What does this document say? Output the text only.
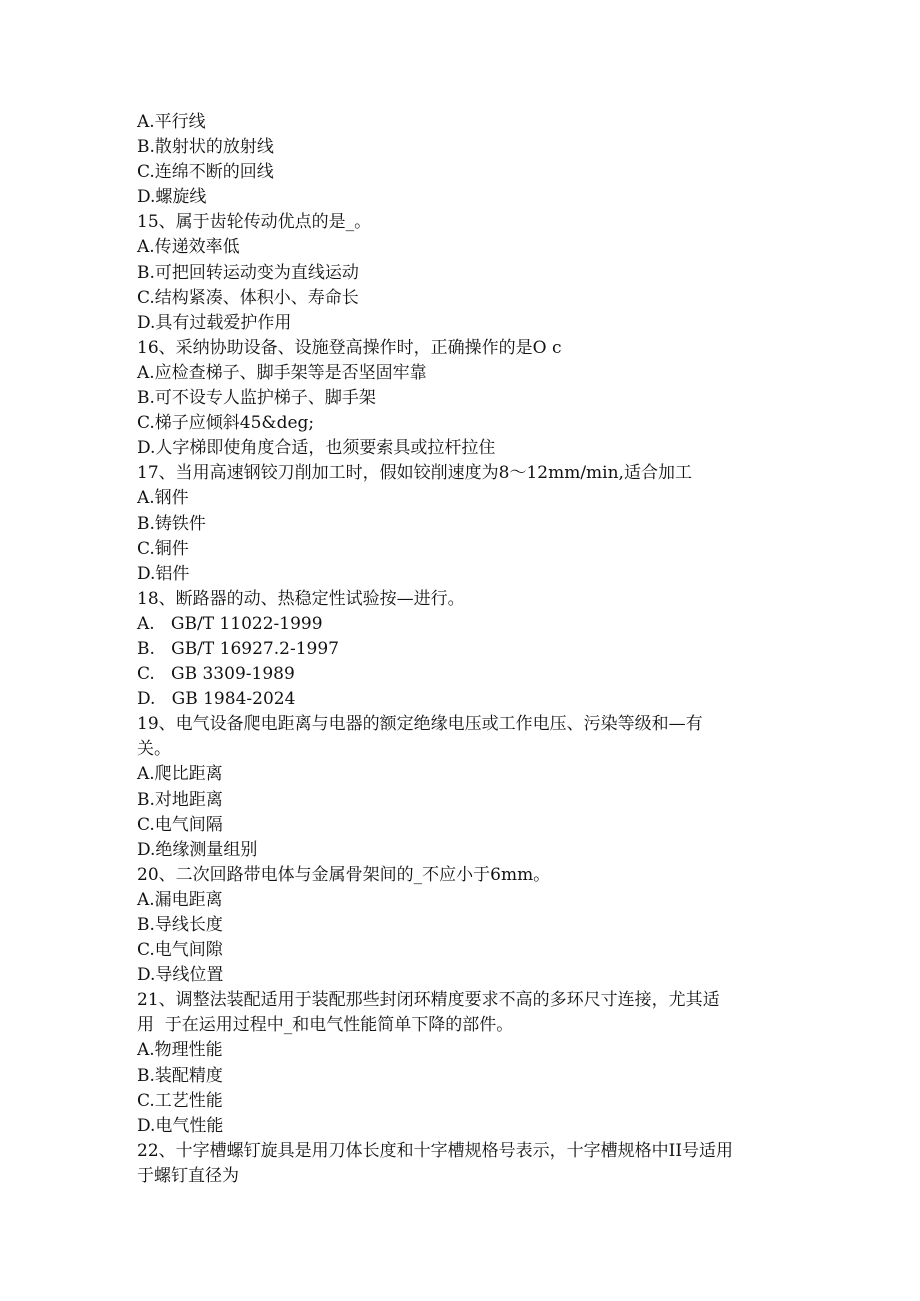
A.平行线
B.散射状的放射线
C.连绵不断的回线
D.螺旋线
15、属于齿轮传动优点的是_。
A.传递效率低
B.可把回转运动变为直线运动
C.结构紧凑、体积小、寿命长
D.具有过载爱护作用
16、采纳协助设备、设施登高操作时，正确操作的是O c
A.应检查梯子、脚手架等是否坚固牢靠
B.可不设专人监护梯子、脚手架
C.梯子应倾斜45&deg;
D.人字梯即使角度合适，也须要索具或拉杆拉住
17、当用高速钢铰刀削加工时，假如铰削速度为8～12mm/min,适合加工
A.钢件
B.铸铁件
C.铜件
D.铝件
18、断路器的动、热稳定性试验按—进行。
A.   GB/T 11022-1999
B.   GB/T 16927.2-1997
C.   GB 3309-1989
D.   GB 1984-2024
19、电气设备爬电距离与电器的额定绝缘电压或工作电压、污染等级和—有
关。
A.爬比距离
B.对地距离
C.电气间隔
D.绝缘测量组别
20、二次回路带电体与金属骨架间的_不应小于6mm。
A.漏电距离
B.导线长度
C.电气间隙
D.导线位置
21、调整法装配适用于装配那些封闭环精度要求不高的多环尺寸连接，尤其适
用  于在运用过程中_和电气性能简单下降的部件。
A.物理性能
B.装配精度
C.工艺性能
D.电气性能
22、十字槽螺钉旋具是用刀体长度和十字槽规格号表示，十字槽规格中II号适用
于螺钉直径为
